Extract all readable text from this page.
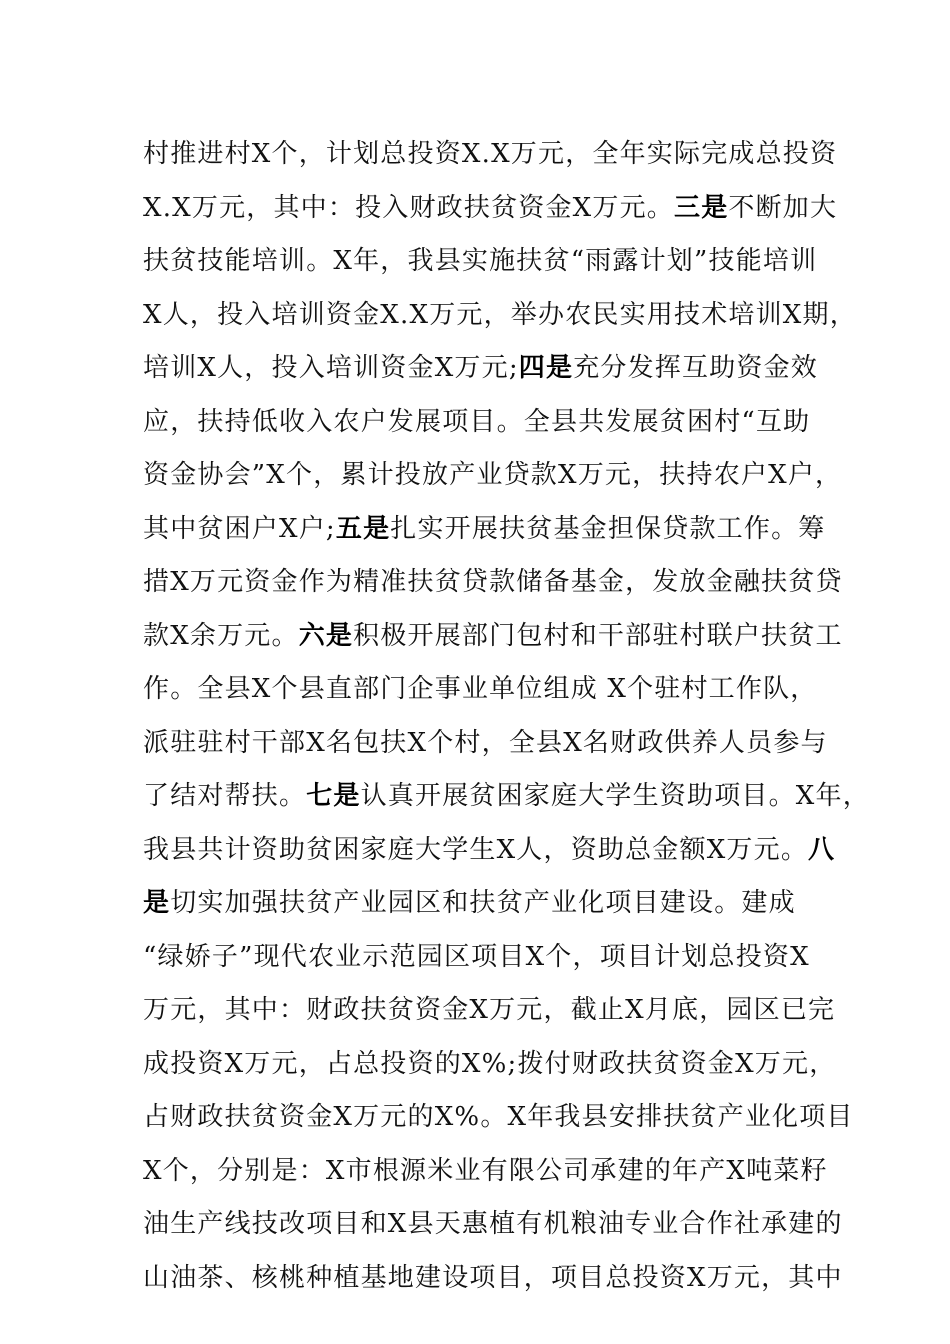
村推进村X个，计划总投资X.X万元，全年实际完成总投资
X.X万元，其中：投入财政扶贫资金X万元。三是不断加大
扶贫技能培训。X年，我县实施扶贫“雨露计划”技能培训
X人，投入培训资金X.X万元，举办农民实用技术培训X期，
培训X人，投入培训资金X万元;四是充分发挥互助资金效
应，扶持低收入农户发展项目。全县共发展贫困村“互助
资金协会”X个，累计投放产业贷款X万元，扶持农户X户，
其中贫困户X户;五是扎实开展扶贫基金担保贷款工作。筹
措X万元资金作为精准扶贫贷款储备基金，发放金融扶贫贷
款X余万元。六是积极开展部门包村和干部驻村联户扶贫工
作。全县X个县直部门企事业单位组成 X个驻村工作队，
派驻驻村干部X名包扶X个村，全县X名财政供养人员参与
了结对帮扶。七是认真开展贫困家庭大学生资助项目。X年，
我县共计资助贫困家庭大学生X人，资助总金额X万元。八
是切实加强扶贫产业园区和扶贫产业化项目建设。建成
“绿娇子”现代农业示范园区项目X个，项目计划总投资X
万元，其中：财政扶贫资金X万元，截止X月底，园区已完
成投资X万元，占总投资的X%;拨付财政扶贫资金X万元，
占财政扶贫资金X万元的X%。X年我县安排扶贫产业化项目
X个，分别是：X市根源米业有限公司承建的年产X吨菜籽
油生产线技改项目和X县天惠植有机粮油专业合作社承建的
山油茶、核桃种植基地建设项目，项目总投资X万元，其中
